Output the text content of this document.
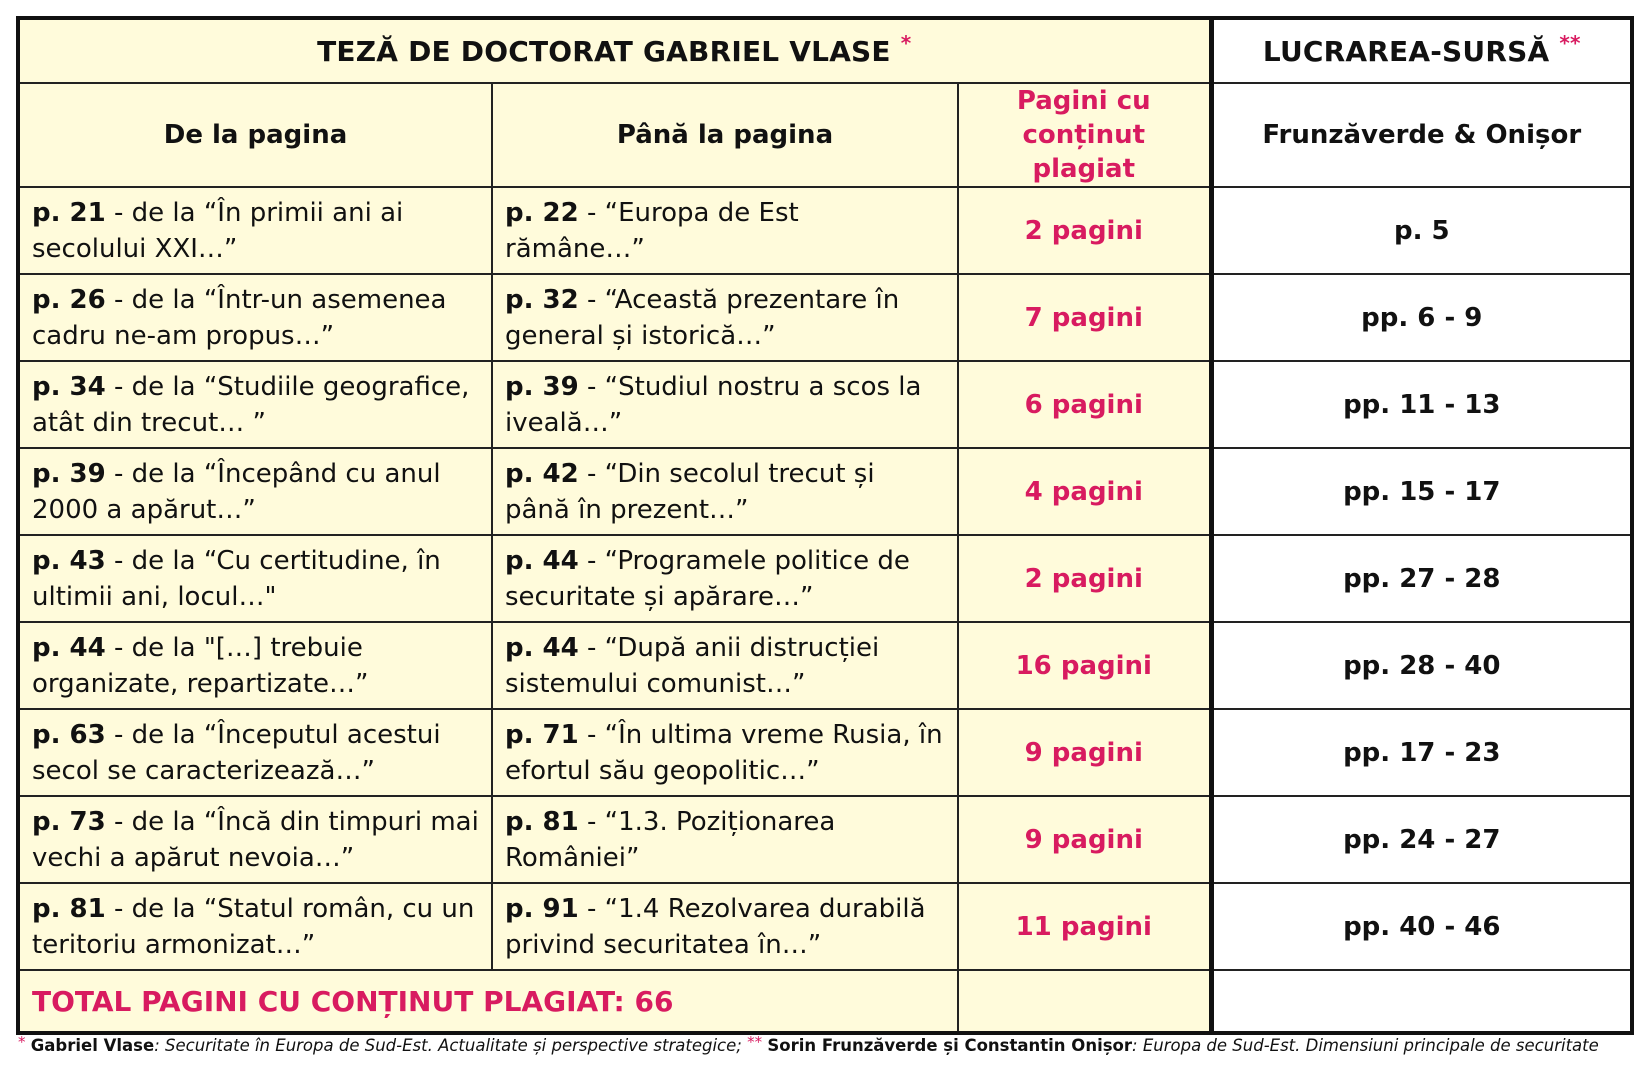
TEZĂ DE DOCTORAT GABRIEL VLASE *			LUCRAREA-SURSĂ **
De la pagina	Până la pagina	Pagini cu conținut plagiat	Frunzăverde & Onișor
p. 21 - de la “În primii ani ai secolului XXI…”	p. 22 - “Europa de Est rămâne…”	2 pagini	p. 5
p. 26 - de la “Într-un asemenea cadru ne-am propus…”	p. 32 - “Această prezentare în general și istorică…”	7 pagini	pp. 6 - 9
p. 34 - de la “Studiile geografice, atât din trecut… ”	p. 39 - “Studiul nostru a scos la iveală…”	6 pagini	pp. 11 - 13
p. 39 - de la “Începând cu anul 2000 a apărut…”	p. 42 - “Din secolul trecut și până în prezent…”	4 pagini	pp. 15 - 17
p. 43 - de la “Cu certitudine, în ultimii ani, locul…"	p. 44 - “Programele politice de securitate și apărare…”	2 pagini	pp. 27 - 28
p. 44 - de la "[…] trebuie organizate, repartizate…”	p. 44 - “După anii distrucției sistemului comunist…”	16 pagini	pp. 28 - 40
p. 63 - de la “Începutul acestui secol se caracterizează…”	p. 71 - “În ultima vreme Rusia, în efortul său geopolitic…”	9 pagini	pp. 17 - 23
p. 73 - de la “Încă din timpuri mai vechi a apărut nevoia…”	p. 81 - “1.3. Poziționarea României”	9 pagini	pp. 24 - 27
p. 81 - de la “Statul român, cu un teritoriu armonizat…”	p. 91 - “1.4 Rezolvarea durabilă privind securitatea în…”	11 pagini	pp. 40 - 46
TOTAL PAGINI CU CONȚINUT PLAGIAT: 66			
* Gabriel Vlase: Securitate în Europa de Sud-Est. Actualitate și perspective strategice; ** Sorin Frunzăverde și Constantin Onișor: Europa de Sud-Est. Dimensiuni principale de securitate
